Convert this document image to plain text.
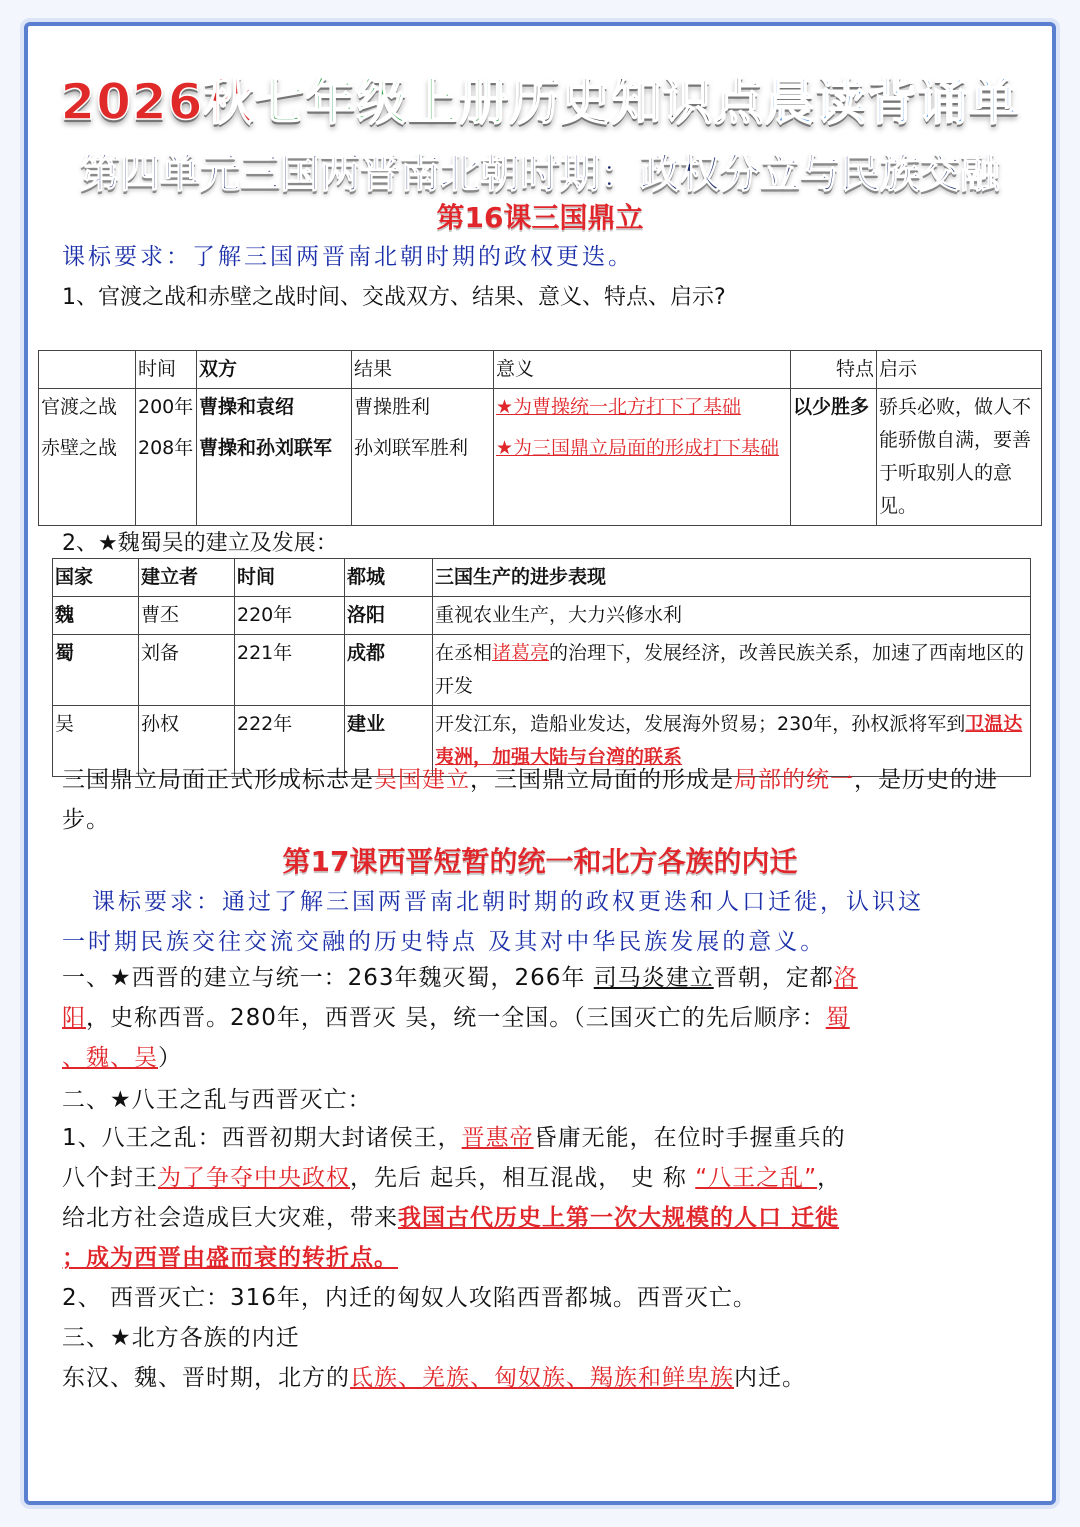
2026秋七年级上册历史知识点晨读背诵单
第四单元三国两晋南北朝时期：政权分立与民族交融
第16课三国鼎立
课标要求：了解三国两晋南北朝时期的政权更迭。
1、官渡之战和赤壁之战时间、交战双方、结果、意义、特点、启示?
	时间	双方	结果	意义	特点	启示
官渡之战	200年	曹操和袁绍	曹操胜利	★为曹操统一北方打下了基础	以少胜多	骄兵必败，做人不能骄傲自满，要善于听取别人的意见。
赤壁之战	208年	曹操和孙刘联军	孙刘联军胜利	★为三国鼎立局面的形成打下基础		
2、★魏蜀吴的建立及发展：
国家	建立者	时间	都城	三国生产的进步表现
魏	曹丕	220年	洛阳	重视农业生产，大力兴修水利
蜀	刘备	221年	成都	在丞相诸葛亮的治理下，发展经济，改善民族关系，加速了西南地区的开发
吴	孙权	222年	建业	开发江东，造船业发达，发展海外贸易；230年，孙权派将军到卫温达夷洲，加强大陆与台湾的联系
三国鼎立局面正式形成标志是吴国建立，三国鼎立局面的形成是局部的统一，是历史的进步。
第17课西晋短暂的统一和北方各族的内迁
课标要求：通过了解三国两晋南北朝时期的政权更迭和人口迁徙，认识这
一时期民族交往交流交融的历史特点 及其对中华民族发展的意义。
一、★西晋的建立与统一：263年魏灭蜀，266年 司马炎建立晋朝，定都洛
阳，史称西晋。280年，西晋灭 吴，统一全国。（三国灭亡的先后顺序：蜀
、魏、吴）
二、★八王之乱与西晋灭亡：
1、八王之乱：西晋初期大封诸侯王，晋惠帝昏庸无能，在位时手握重兵的
八个封王为了争夺中央政权，先后 起兵，相互混战， 史 称 “八王之乱”，
给北方社会造成巨大灾难，带来我国古代历史上第一次大规模的人口 迁徙
；成为西晋由盛而衰的转折点。
2、 西晋灭亡：316年，内迁的匈奴人攻陷西晋都城。西晋灭亡。
三、★北方各族的内迁
东汉、魏、晋时期，北方的氐族、羌族、匈奴族、羯族和鲜卑族内迁。
